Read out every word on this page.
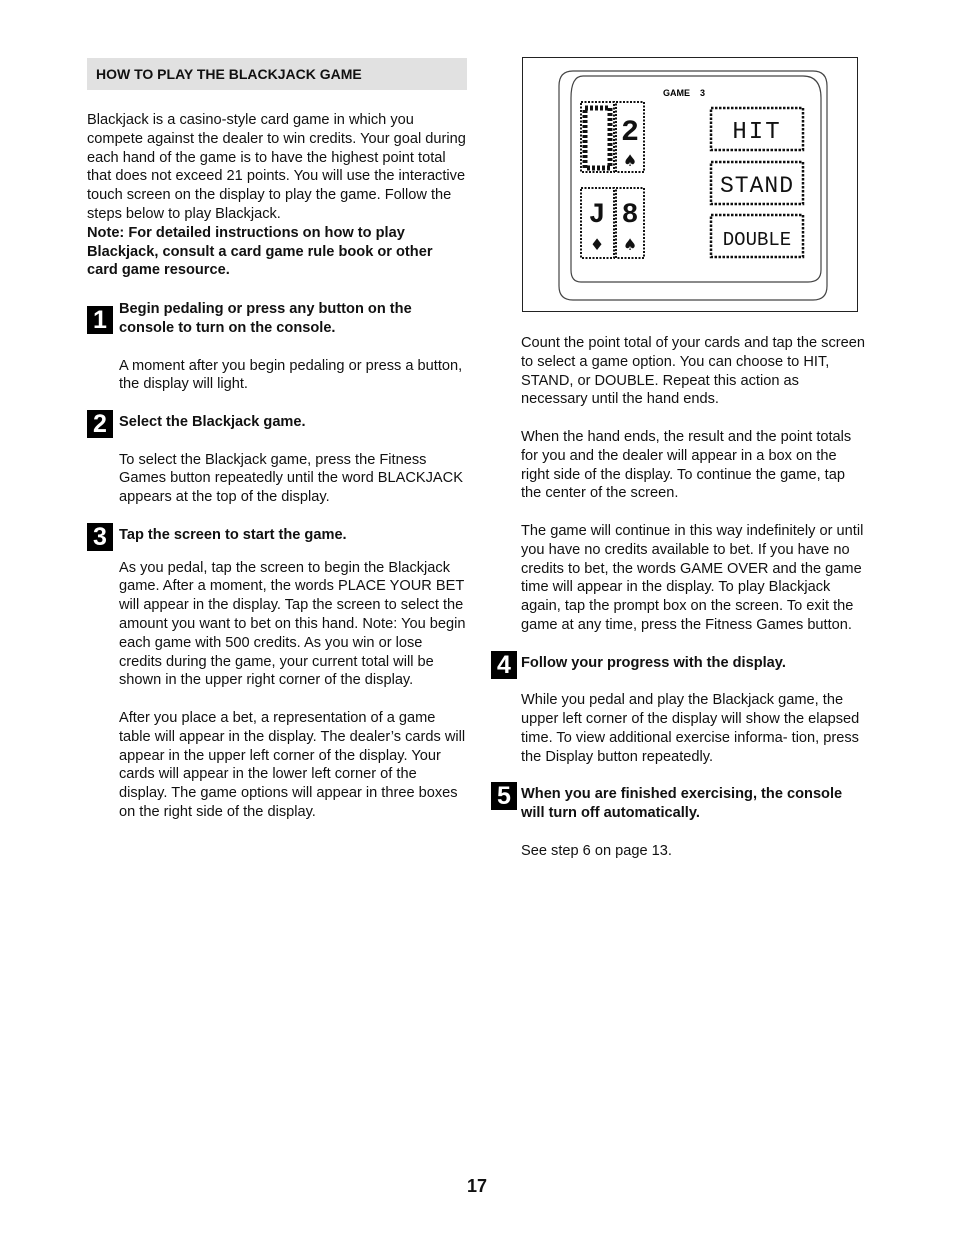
HOW TO PLAY THE BLACKJACK GAME

Blackjack is a casino-style card game in which you compete against the dealer to win credits. Your goal during each hand of the game is to have the highest point total that does not exceed 21 points. You will use the interactive touch screen on the display to play the game. Follow the steps below to play Blackjack.

Note: For detailed instructions on how to play Blackjack, consult a card game rule book or other card game resource.

1 Begin pedaling or press any button on the console to turn on the console.

A moment after you begin pedaling or press a button, the display will light.

2 Select the Blackjack game.

To select the Blackjack game, press the Fitness Games button repeatedly until the word BLACKJACK appears at the top of the display.

3 Tap the screen to start the game.

As you pedal, tap the screen to begin the Blackjack game. After a moment, the words PLACE YOUR BET will appear in the display. Tap the screen to select the amount you want to bet on this hand. Note: You begin each game with 500 credits. As you win or lose credits during the game, your current total will be shown in the upper right corner of the display.

After you place a bet, a representation of a game table will appear in the display. The dealer’s cards will appear in the upper left corner of the display. Your cards will appear in the lower left corner of the display. The game options will appear in three boxes on the right side of the display.

GAME 3
2
♠
J
♦
8
♠
HIT
STAND
DOUBLE

Count the point total of your cards and tap the screen to select a game option. You can choose to HIT, STAND, or DOUBLE. Repeat this action as necessary until the hand ends.

When the hand ends, the result and the point totals for you and the dealer will appear in a box on the right side of the display. To continue the game, tap the center of the screen.

The game will continue in this way indefinitely or until you have no credits available to bet. If you have no credits to bet, the words GAME OVER and the game time will appear in the display. To play Blackjack again, tap the prompt box on the screen. To exit the game at any time, press the Fitness Games button.

4 Follow your progress with the display.

While you pedal and play the Blackjack game, the upper left corner of the display will show the elapsed time. To view additional exercise informa- tion, press the Display button repeatedly.

5 When you are finished exercising, the console will turn off automatically.

See step 6 on page 13.

17
